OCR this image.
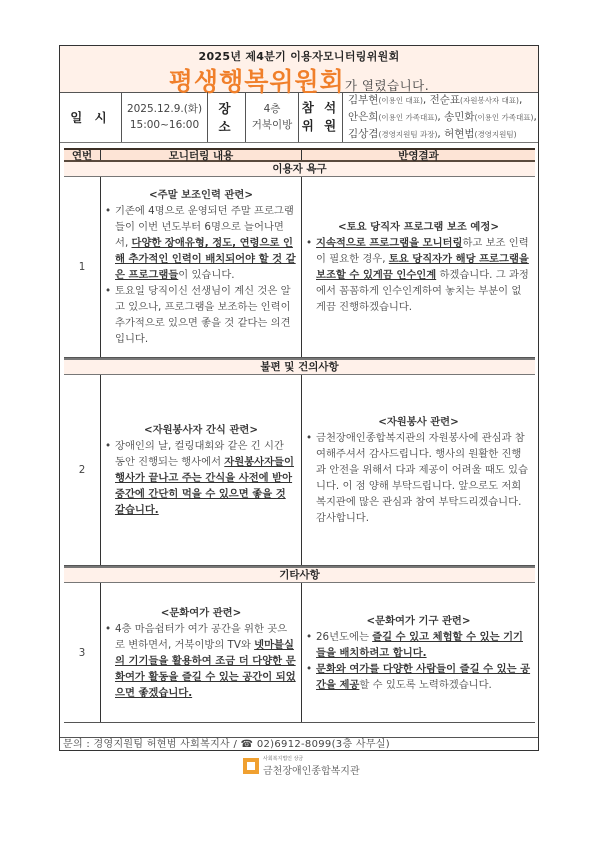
2025년 제4분기 이용자모니터링위원회
평생행복위원회가 열렸습니다.
일 시
2025.12.9.(화)
15:00~16:00
장 소
4층
거북이방
참 석
위 원
김부현(이용인 대표), 전순표(자원봉사자 대표),
안은희(이용인 가족대표), 송민화(이용인 가족대표),
김상겸(경영지원팀 과장), 허현범(경영지원팀)
연번	모니터링 내용	반영결과
이용자 욕구
1
<주말 보조인력 관련>
• 기존에 4명으로 운영되던 주말 프로그램들이 이번 년도부터 6명으로 늘어나면서, 다양한 장애유형, 정도, 연령으로 인해 추가적인 인력이 배치되어야 할 것 같은 프로그램들이 있습니다.
• 토요일 당직이신 선생님이 계신 것은 알고 있으나, 프로그램을 보조하는 인력이 추가적으로 있으면 좋을 것 같다는 의견입니다.
<토요 당직자 프로그램 보조 예정>
• 지속적으로 프로그램을 모니터링하고 보조 인력이 필요한 경우, 토요 당직자가 해당 프로그램을 보조할 수 있게끔 인수인계 하겠습니다. 그 과정에서 꼼꼼하게 인수인계하여 놓치는 부분이 없게끔 진행하겠습니다.
불편 및 건의사항
2
<자원봉사자 간식 관련>
• 장애인의 날, 컬링대회와 같은 긴 시간 동안 진행되는 행사에서 자원봉사자들이 행사가 끝나고 주는 간식을 사전에 받아 중간에 간단히 먹을 수 있으면 좋을 것 같습니다.
<자원봉사 관련>
• 금천장애인종합복지관의 자원봉사에 관심과 참여해주셔서 감사드립니다. 행사의 원활한 진행과 안전을 위해서 다과 제공이 어려울 때도 있습니다. 이 점 양해 부탁드립니다. 앞으로도 저희 복지관에 많은 관심과 참여 부탁드리겠습니다. 감사합니다.
기타사항
3
<문화여가 관련>
• 4층 마음쉼터가 여가 공간을 위한 곳으로 변하면서, 거북이방의 TV와 넷마블실의 기기들을 활용하여 조금 더 다양한 문화여가 활동을 즐길 수 있는 공간이 되었으면 좋겠습니다.
<문화여가 기구 관련>
• 26년도에는 즐길 수 있고 체험할 수 있는 기기들을 배치하려고 합니다.
• 문화와 여가를 다양한 사람들이 즐길 수 있는 공간을 제공할 수 있도록 노력하겠습니다.
문의 : 경영지원팀 허현범 사회복지사 / ☎ 02)6912-8099(3층 사무실)
사회복지법인 상금
금천장애인종합복지관
